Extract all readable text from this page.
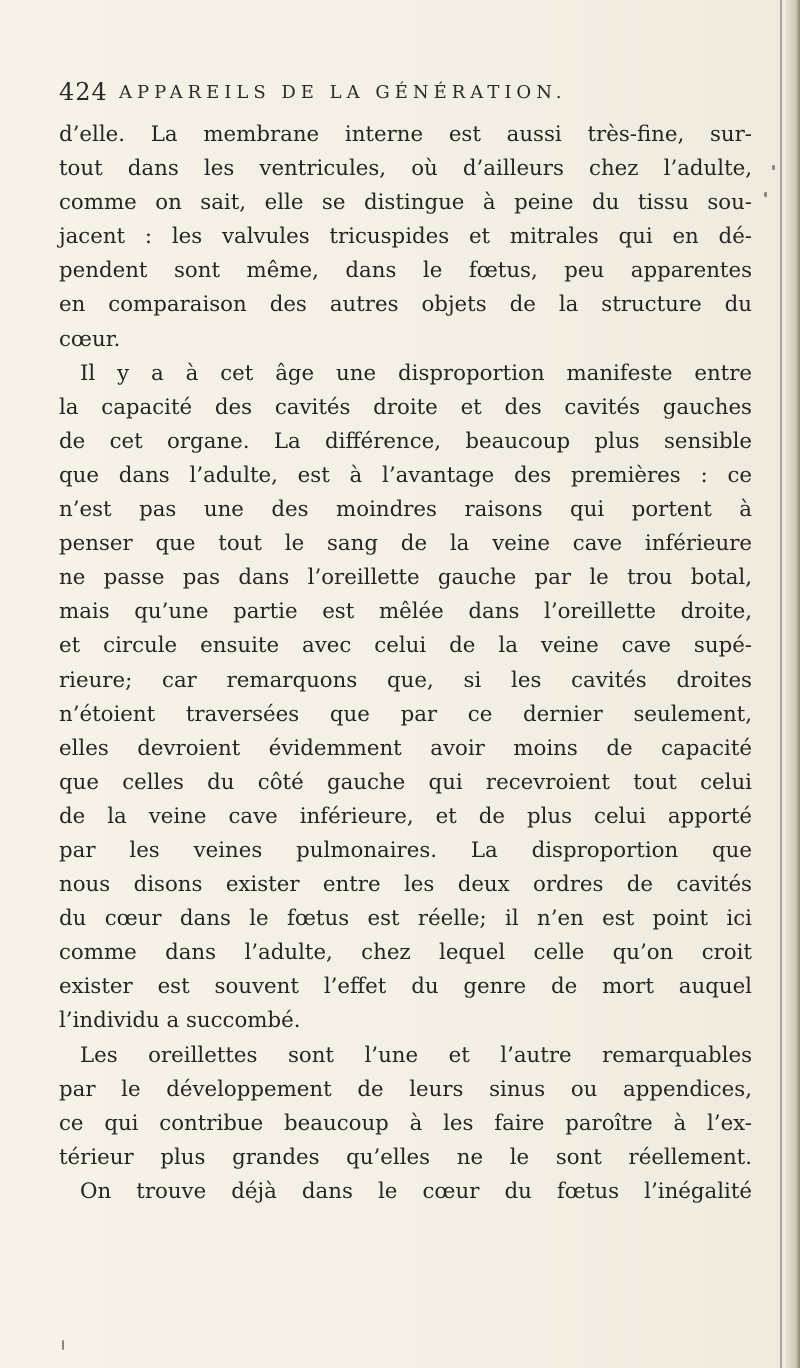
424 APPAREILS DE LA GÉNÉRATION.
d’elle. La membrane interne est aussi très-fine, sur-
tout dans les ventricules, où d’ailleurs chez l’adulte,
comme on sait, elle se distingue à peine du tissu sou-
jacent : les valvules tricuspides et mitrales qui en dé-
pendent sont même, dans le fœtus, peu apparentes
en comparaison des autres objets de la structure du
cœur.
Il y a à cet âge une disproportion manifeste entre
la capacité des cavités droite et des cavités gauches
de cet organe. La différence, beaucoup plus sensible
que dans l’adulte, est à l’avantage des premières : ce
n’est pas une des moindres raisons qui portent à
penser que tout le sang de la veine cave inférieure
ne passe pas dans l’oreillette gauche par le trou botal,
mais qu’une partie est mêlée dans l’oreillette droite,
et circule ensuite avec celui de la veine cave supé-
rieure; car remarquons que, si les cavités droites
n’étoient traversées que par ce dernier seulement,
elles devroient évidemment avoir moins de capacité
que celles du côté gauche qui recevroient tout celui
de la veine cave inférieure, et de plus celui apporté
par les veines pulmonaires. La disproportion que
nous disons exister entre les deux ordres de cavités
du cœur dans le fœtus est réelle; il n’en est point ici
comme dans l’adulte, chez lequel celle qu’on croit
exister est souvent l’effet du genre de mort auquel
l’individu a succombé.
Les oreillettes sont l’une et l’autre remarquables
par le développement de leurs sinus ou appendices,
ce qui contribue beaucoup à les faire paroître à l’ex-
térieur plus grandes qu’elles ne le sont réellement.
On trouve déjà dans le cœur du fœtus l’inégalité
